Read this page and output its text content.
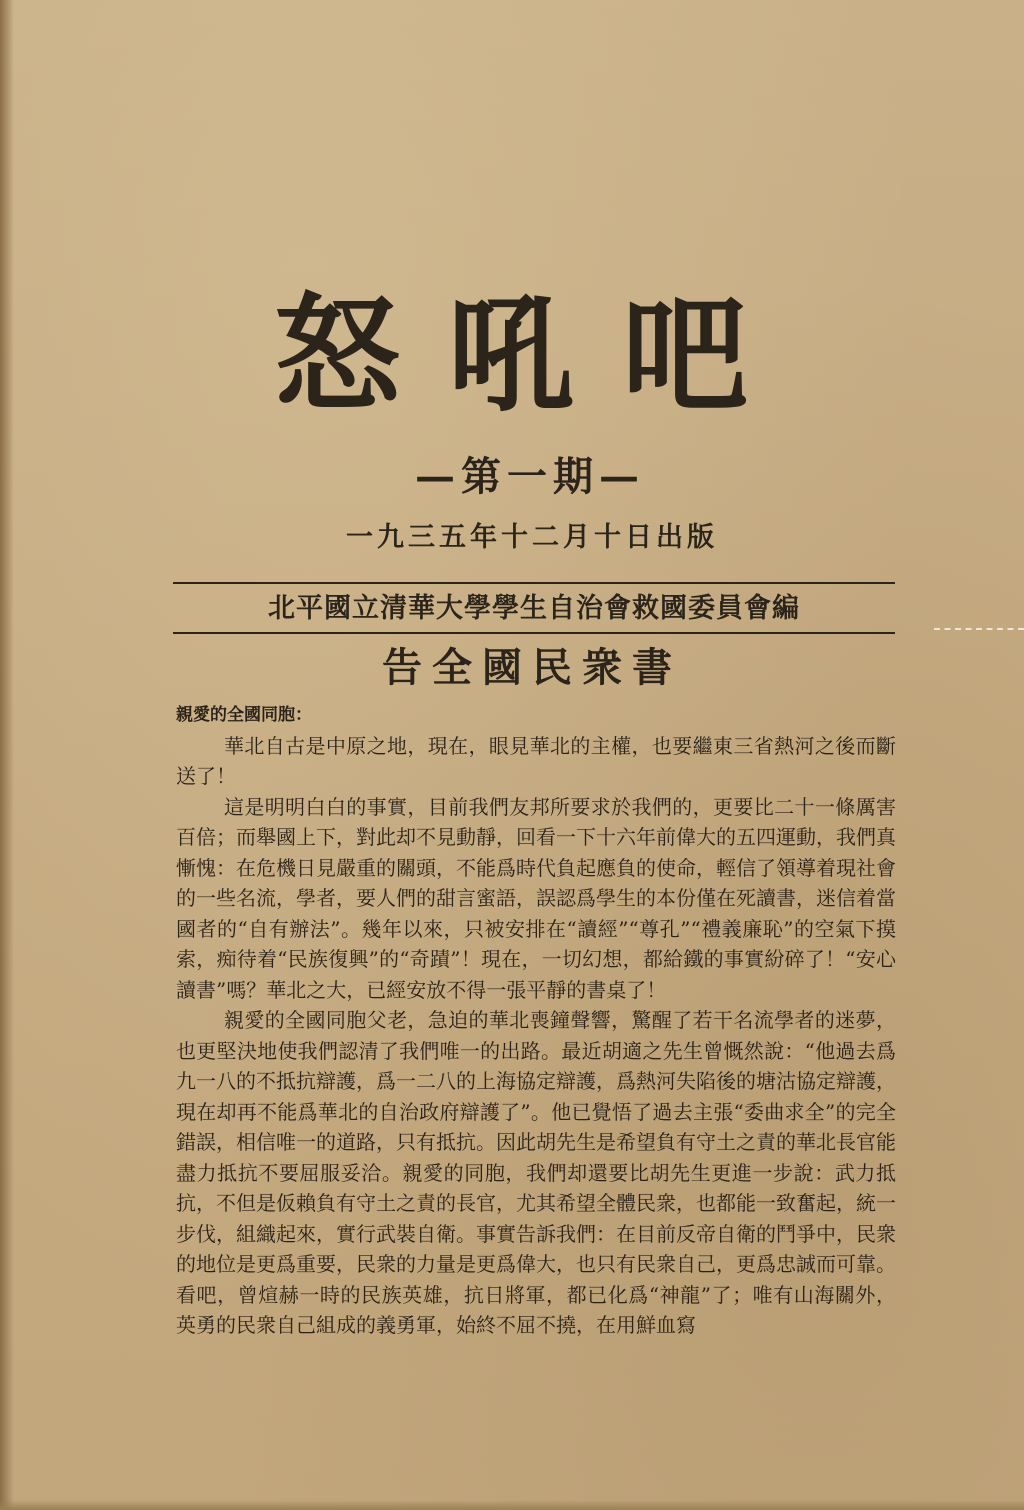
怒吼吧
—第一期—
一九三五年十二月十日出版
北平國立清華大學學生自治會救國委員會編
告全國民衆書

親愛的全國同胞：

華北自古是中原之地，現在，眼見華北的主權，也要繼東三省熱河之後而斷送了！

這是明明白白的事實，目前我們友邦所要求於我們的，更要比二十一條厲害百倍；而舉國上下，對此却不見動靜，回看一下十六年前偉大的五四運動，我們真慚愧：在危機日見嚴重的關頭，不能爲時代負起應負的使命，輕信了領導着現社會的一些名流，學者，要人們的甜言蜜語，誤認爲學生的本份僅在死讀書，迷信着當國者的“自有辦法”。幾年以來，只被安排在“讀經”“尊孔”“禮義廉恥”的空氣下摸索，痴待着“民族復興”的“奇蹟”！現在，一切幻想，都給鐵的事實紛碎了！“安心讀書”嗎？華北之大，已經安放不得一張平靜的書桌了！

親愛的全國同胞父老，急迫的華北喪鐘聲響，驚醒了若干名流學者的迷夢，也更堅決地使我們認清了我們唯一的出路。最近胡適之先生曾慨然說：“他過去爲九一八的不抵抗辯護，爲一二八的上海協定辯護，爲熱河失陷後的塘沽協定辯護，現在却再不能爲華北的自治政府辯護了”。他已覺悟了過去主張“委曲求全”的完全錯誤，相信唯一的道路，只有抵抗。因此胡先生是希望負有守土之責的華北長官能盡力抵抗不要屈服妥洽。親愛的同胞，我們却還要比胡先生更進一步說：武力抵抗，不但是仮賴負有守土之責的長官，尤其希望全體民衆，也都能一致奮起，統一步伐，組織起來，實行武裝自衛。事實告訴我們：在目前反帝自衛的鬥爭中，民衆的地位是更爲重要，民衆的力量是更爲偉大，也只有民衆自己，更爲忠誠而可靠。看吧，曾煊赫一時的民族英雄，抗日將軍，都已化爲“神龍”了；唯有山海關外，英勇的民衆自己組成的義勇軍，始終不屈不撓，在用鮮血寫
